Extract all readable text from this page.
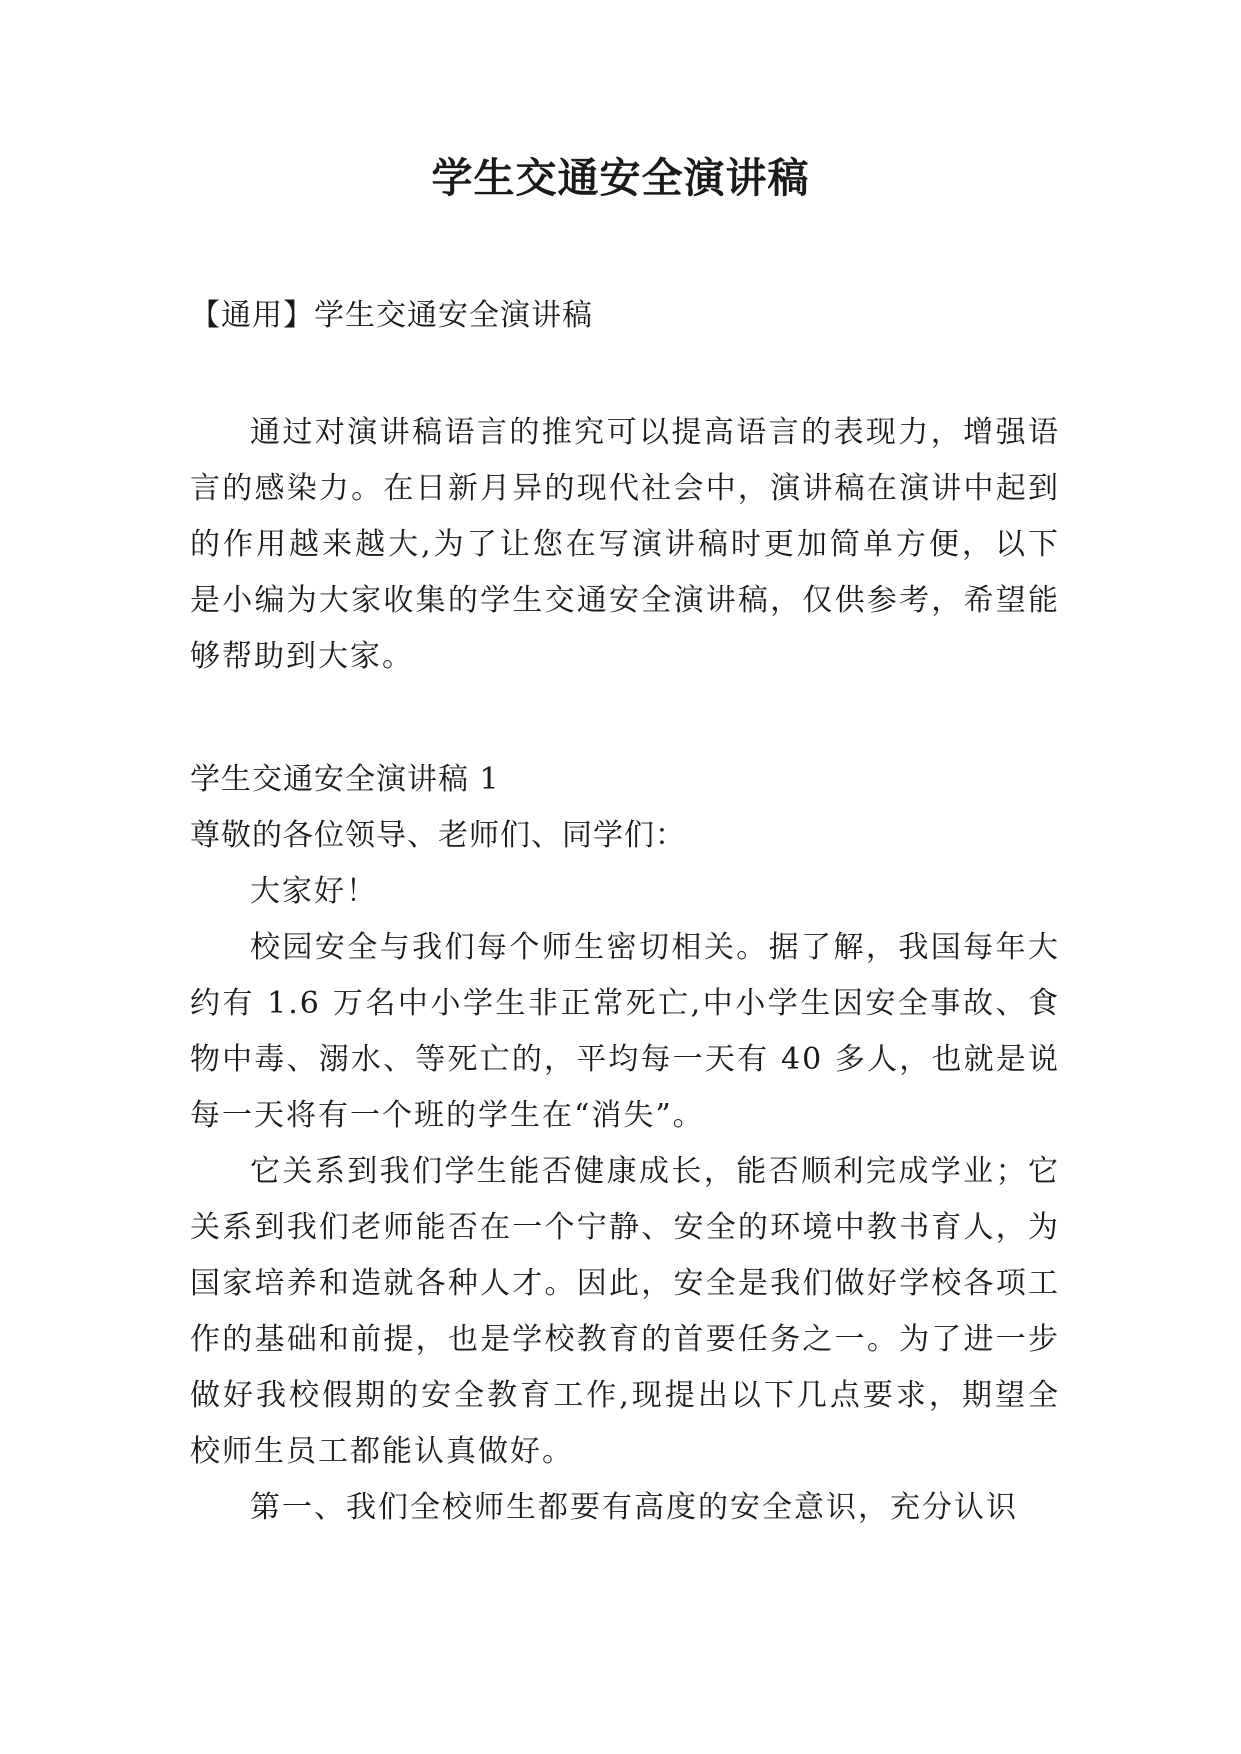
学生交通安全演讲稿

【通用】学生交通安全演讲稿

通过对演讲稿语言的推究可以提高语言的表现力，增强语言的感染力。在日新月异的现代社会中，演讲稿在演讲中起到的作用越来越大,为了让您在写演讲稿时更加简单方便，以下是小编为大家收集的学生交通安全演讲稿，仅供参考，希望能够帮助到大家。

学生交通安全演讲稿 1

尊敬的各位领导、老师们、同学们：

大家好！

校园安全与我们每个师生密切相关。据了解，我国每年大约有 1.6 万名中小学生非正常死亡,中小学生因安全事故、食物中毒、溺水、等死亡的，平均每一天有 40 多人，也就是说每一天将有一个班的学生在“消失”。

它关系到我们学生能否健康成长，能否顺利完成学业；它关系到我们老师能否在一个宁静、安全的环境中教书育人，为国家培养和造就各种人才。因此，安全是我们做好学校各项工作的基础和前提，也是学校教育的首要任务之一。为了进一步做好我校假期的安全教育工作,现提出以下几点要求，期望全校师生员工都能认真做好。

第一、我们全校师生都要有高度的安全意识，充分认识
